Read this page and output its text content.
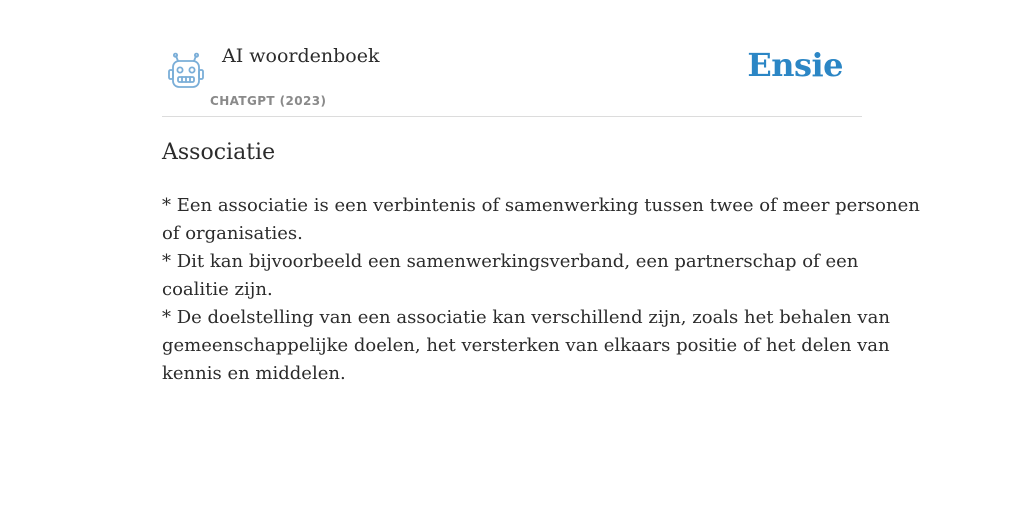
AI woordenboek
CHATGPT (2023)
Ensie
Associatie
* Een associatie is een verbintenis of samenwerking tussen twee of meer personen
of organisaties.
* Dit kan bijvoorbeeld een samenwerkingsverband, een partnerschap of een
coalitie zijn.
* De doelstelling van een associatie kan verschillend zijn, zoals het behalen van
gemeenschappelijke doelen, het versterken van elkaars positie of het delen van
kennis en middelen.
